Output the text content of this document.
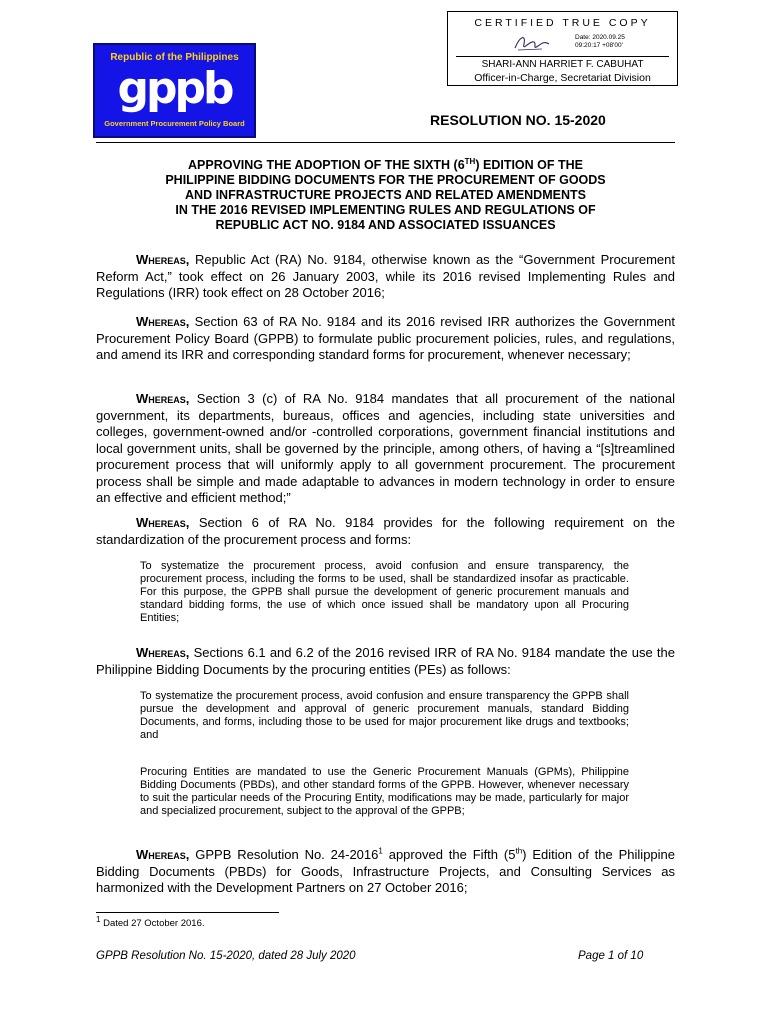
Republic of the Philippines
gppb
Government Procurement Policy Board
CERTIFIED TRUE COPY
Date: 2020.09.25
09:20:17 +08'00'
SHARI-ANN HARRIET F. CABUHAT
Officer-in-Charge, Secretariat Division
RESOLUTION NO. 15-2020
APPROVING THE ADOPTION OF THE SIXTH (6TH) EDITION OF THE
PHILIPPINE BIDDING DOCUMENTS FOR THE PROCUREMENT OF GOODS
AND INFRASTRUCTURE PROJECTS AND RELATED AMENDMENTS
IN THE 2016 REVISED IMPLEMENTING RULES AND REGULATIONS OF
REPUBLIC ACT NO. 9184 AND ASSOCIATED ISSUANCES
Whereas, Republic Act (RA) No. 9184, otherwise known as the “Government Procurement Reform Act,” took effect on 26 January 2003, while its 2016 revised Implementing Rules and Regulations (IRR) took effect on 28 October 2016;
Whereas, Section 63 of RA No. 9184 and its 2016 revised IRR authorizes the Government Procurement Policy Board (GPPB) to formulate public procurement policies, rules, and regulations, and amend its IRR and corresponding standard forms for procurement, whenever necessary;
Whereas, Section 3 (c) of RA No. 9184 mandates that all procurement of the national government, its departments, bureaus, offices and agencies, including state universities and colleges, government-owned and/or -controlled corporations, government financial institutions and local government units, shall be governed by the principle, among others, of having a “[s]treamlined procurement process that will uniformly apply to all government procurement. The procurement process shall be simple and made adaptable to advances in modern technology in order to ensure an effective and efficient method;”
Whereas, Section 6 of RA No. 9184 provides for the following requirement on the standardization of the procurement process and forms:
To systematize the procurement process, avoid confusion and ensure transparency, the procurement process, including the forms to be used, shall be standardized insofar as practicable. For this purpose, the GPPB shall pursue the development of generic procurement manuals and standard bidding forms, the use of which once issued shall be mandatory upon all Procuring Entities;
Whereas, Sections 6.1 and 6.2 of the 2016 revised IRR of RA No. 9184 mandate the use the Philippine Bidding Documents by the procuring entities (PEs) as follows:
To systematize the procurement process, avoid confusion and ensure transparency the GPPB shall pursue the development and approval of generic procurement manuals, standard Bidding Documents, and forms, including those to be used for major procurement like drugs and textbooks; and
Procuring Entities are mandated to use the Generic Procurement Manuals (GPMs), Philippine Bidding Documents (PBDs), and other standard forms of the GPPB. However, whenever necessary to suit the particular needs of the Procuring Entity, modifications may be made, particularly for major and specialized procurement, subject to the approval of the GPPB;
Whereas, GPPB Resolution No. 24-2016$^1$ approved the Fifth (5th) Edition of the Philippine Bidding Documents (PBDs) for Goods, Infrastructure Projects, and Consulting Services as harmonized with the Development Partners on 27 October 2016;
$^1$ Dated 27 October 2016.
GPPB Resolution No. 15-2020, dated 28 July 2020	Page 1 of 10
